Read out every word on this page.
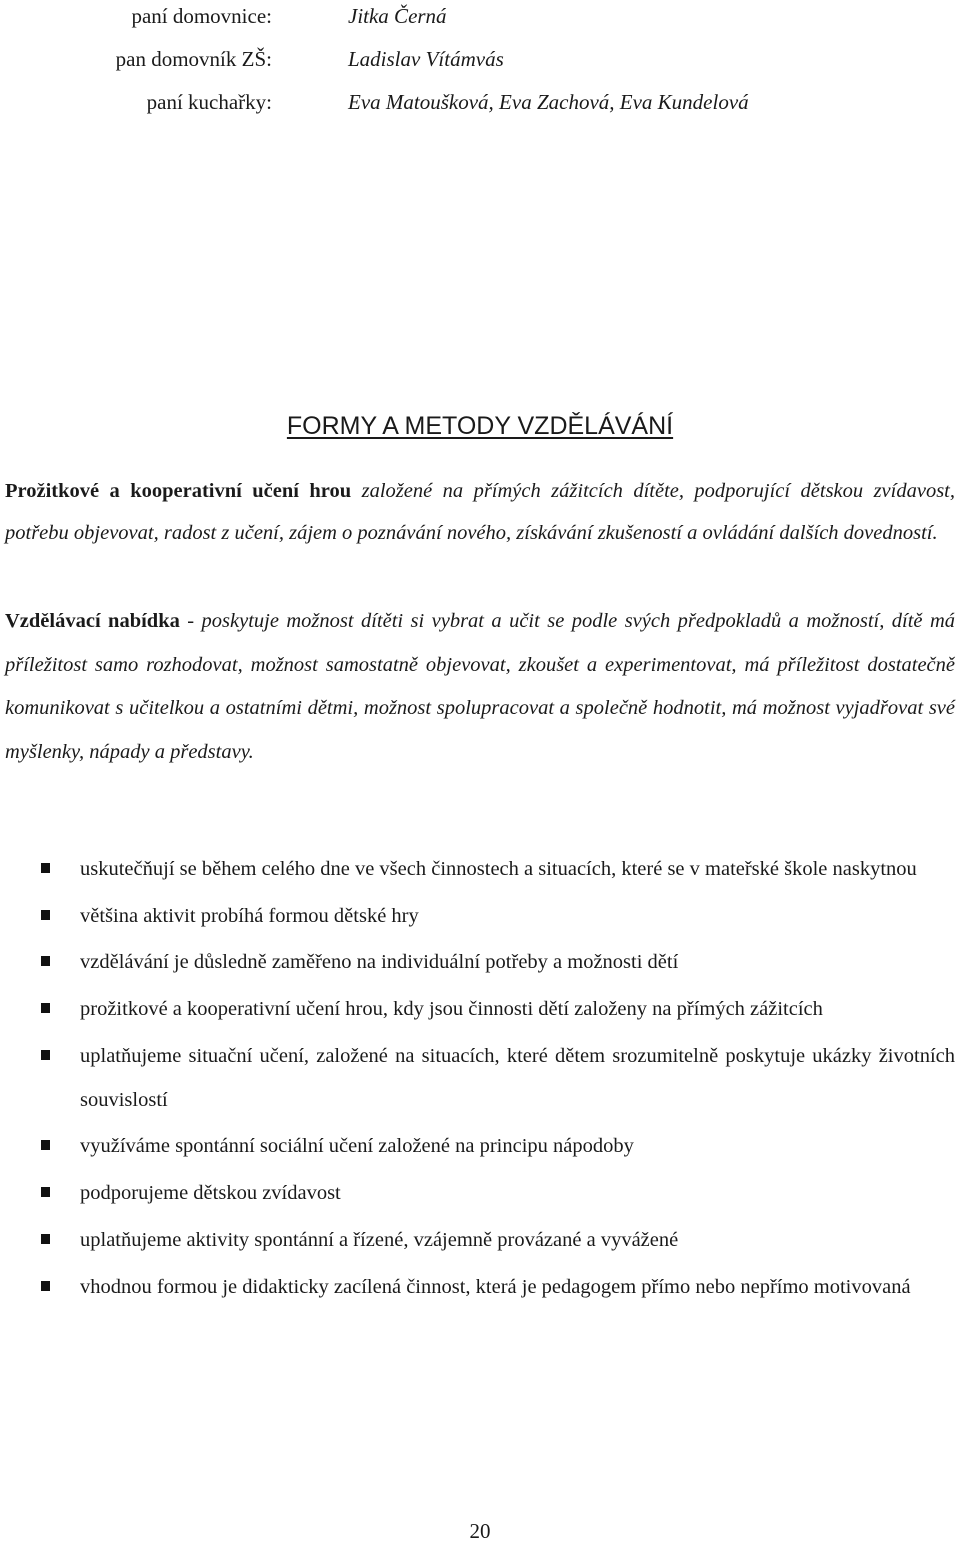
paní domovnice:	Jitka Černá
pan domovník ZŠ:	Ladislav Vítámvás
paní kuchařky:	Eva Matoušková, Eva Zachová, Eva Kundelová
FORMY A METODY VZDĚLÁVÁNÍ

Prožitkové a kooperativní učení hrou založené na přímých zážitcích dítěte, podporující dětskou zvídavost, potřebu objevovat, radost z učení, zájem o poznávání nového, získávání zkušeností a ovládání dalších dovedností.

Vzdělávací nabídka - poskytuje možnost dítěti si vybrat a učit se podle svých předpokladů a možností, dítě má příležitost samo rozhodovat, možnost samostatně objevovat, zkoušet a experimentovat, má příležitost dostatečně komunikovat s učitelkou a ostatními dětmi, možnost spolupracovat a společně hodnotit, má možnost vyjadřovat své myšlenky, nápady a představy.

uskutečňují se během celého dne ve všech činnostech a situacích, které se v mateřské škole naskytnou
většina aktivit probíhá formou dětské hry
vzdělávání je důsledně zaměřeno na individuální potřeby a možnosti dětí
prožitkové a kooperativní učení hrou, kdy jsou činnosti dětí založeny na přímých zážitcích
uplatňujeme situační učení, založené na situacích, které dětem srozumitelně poskytuje ukázky životních souvislostí
využíváme spontánní sociální učení založené na principu nápodoby
podporujeme dětskou zvídavost
uplatňujeme aktivity spontánní a řízené, vzájemně provázané a vyvážené
vhodnou formou je didakticky zacílená činnost, která je pedagogem přímo nebo nepřímo motivovaná
20
